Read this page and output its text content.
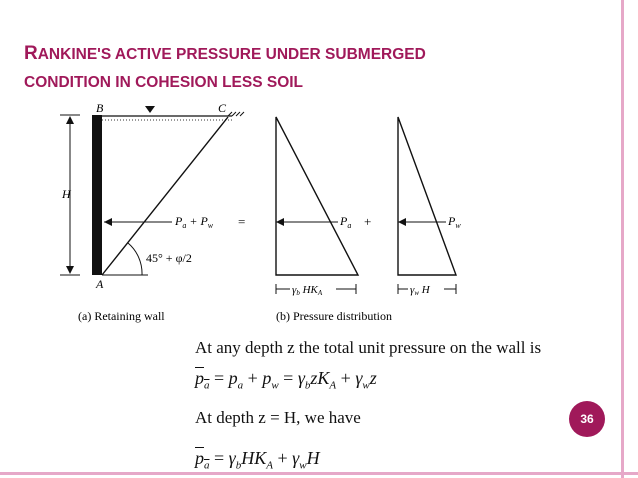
RANKINE'S ACTIVE PRESSURE UNDER SUBMERGED
CONDITION IN COHESION LESS SOIL
B	C
A
H
$P_a + P_w$
45° + φ/2
=	$P_a$ +
γb HKA
$P_w$
γw H
(a) Retaining wall	(b) Pressure distribution
At any depth z the total unit pressure on the wall is
$p_a = p_a + p_w = \gamma_bzK_A + \gamma_wz$
At depth z = H, we have
$p_a = \gamma_bHK_A + \gamma_wH$
36
